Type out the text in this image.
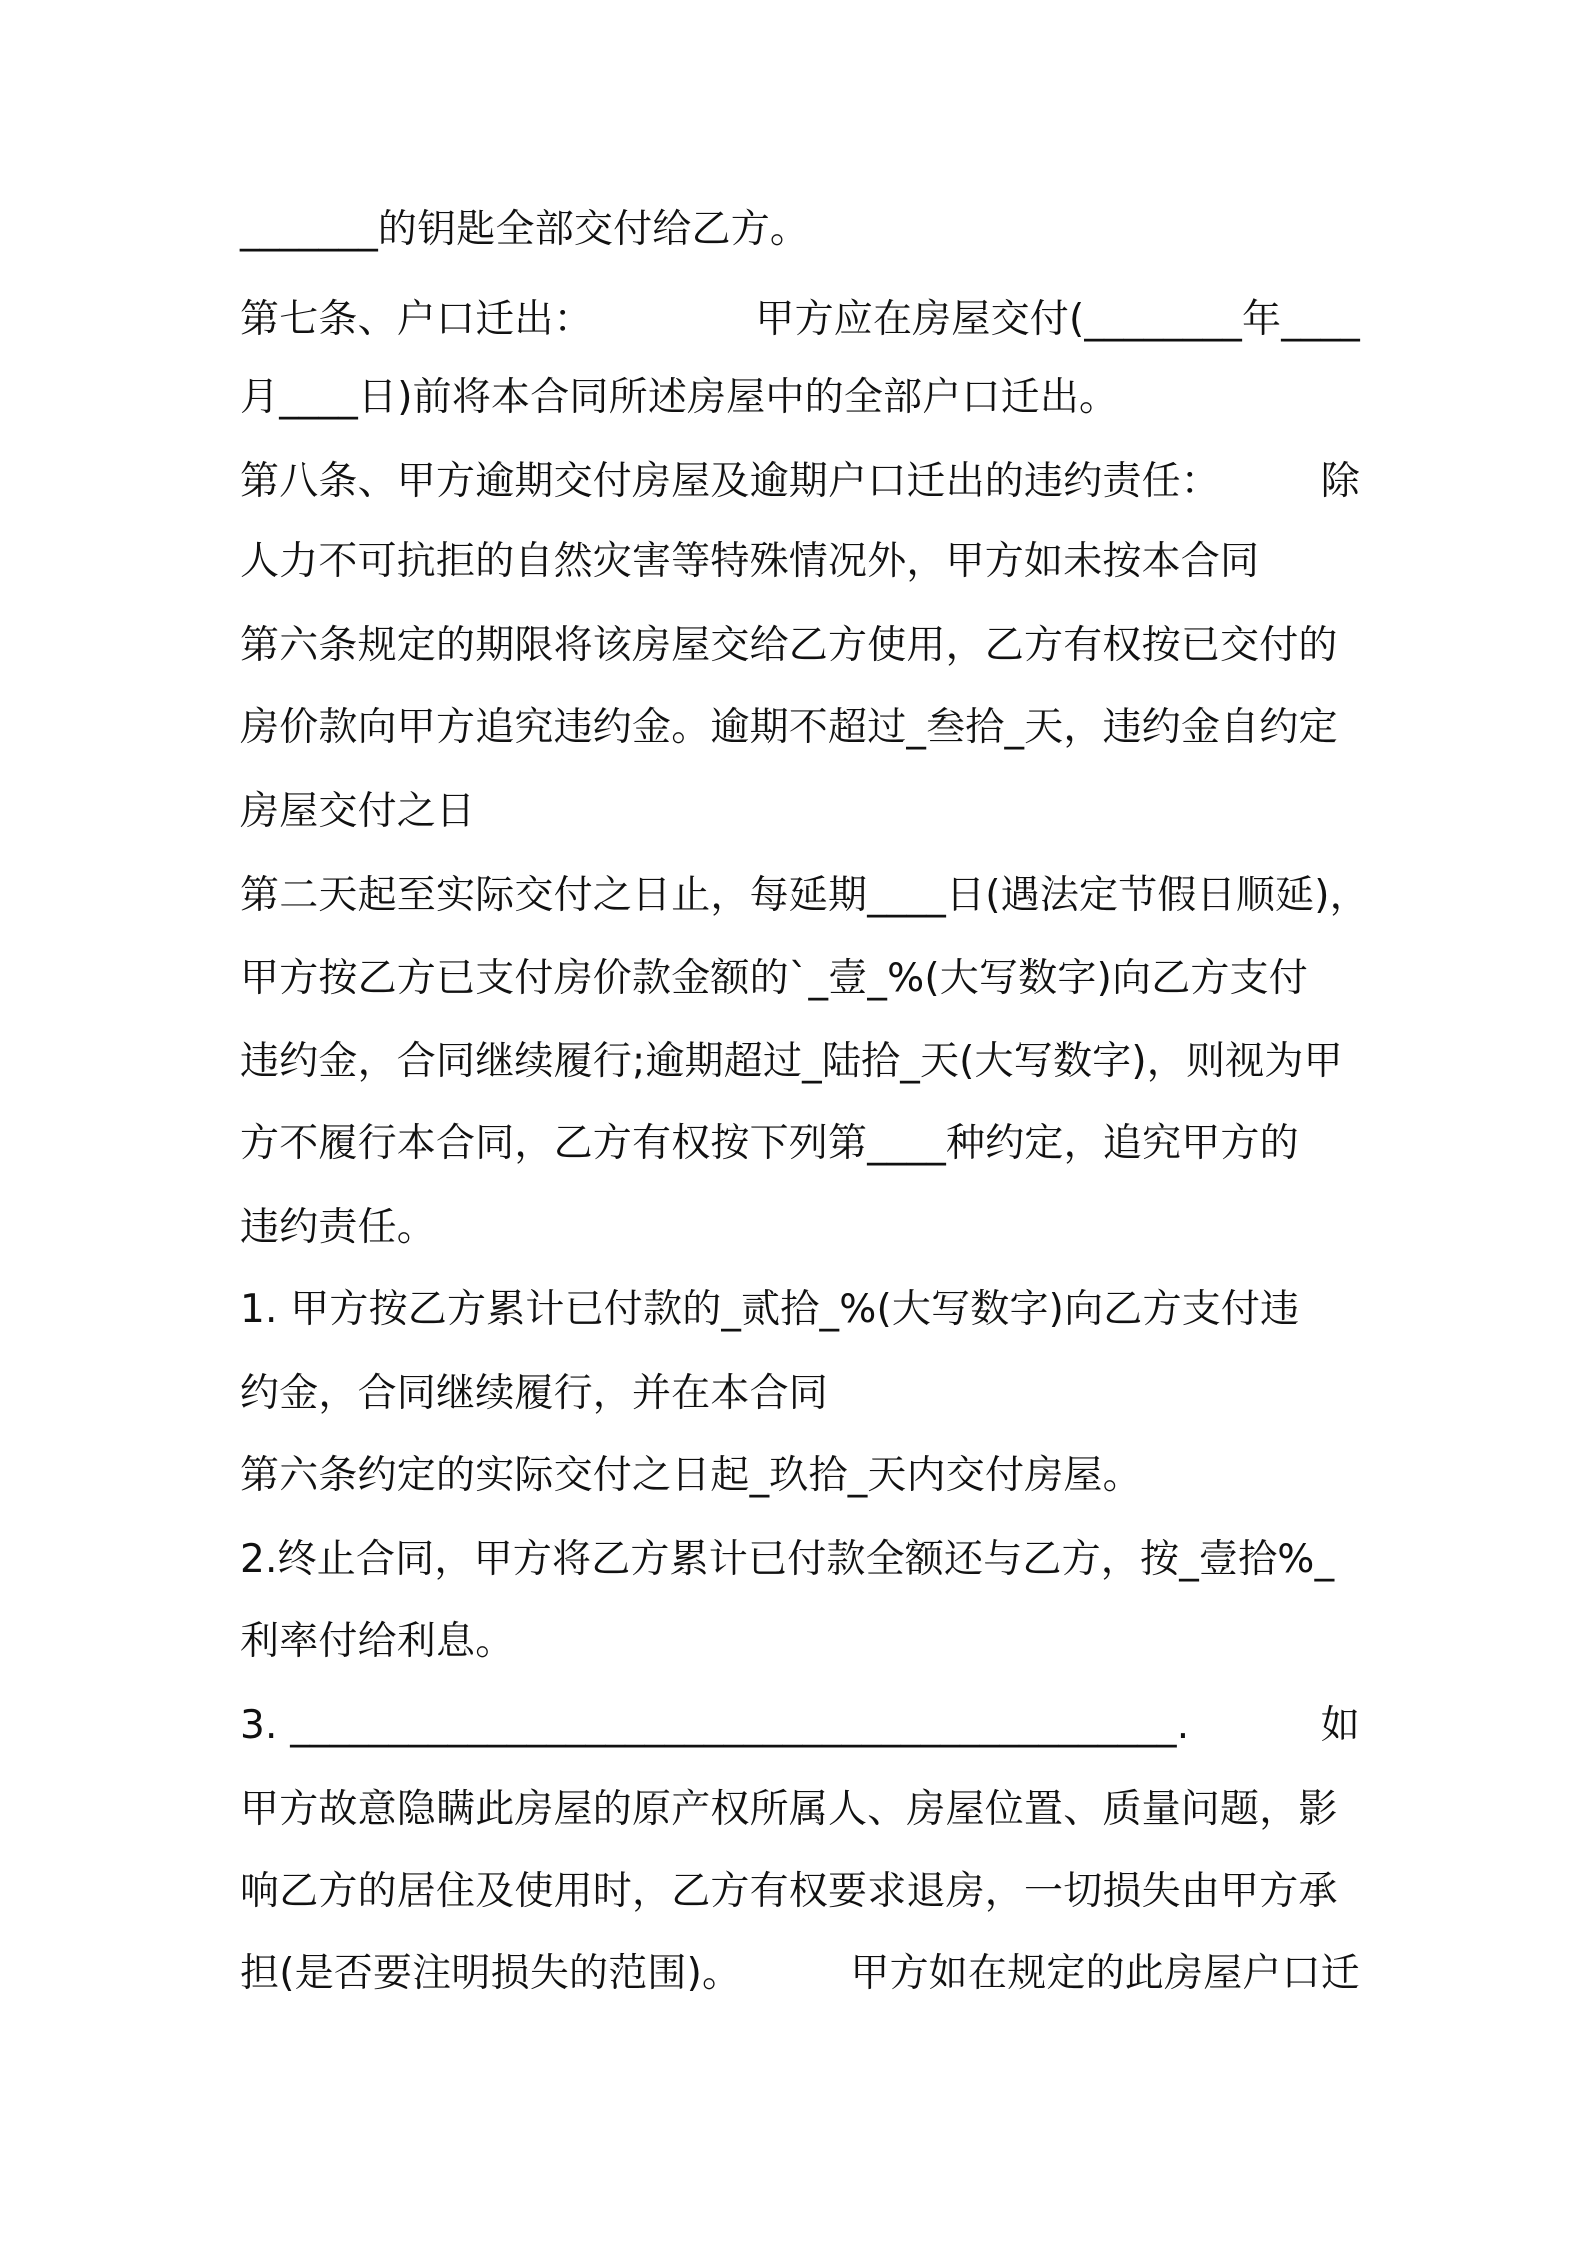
_______的钥匙全部交付给乙方。
第七条、户口迁出：	甲方应在房屋交付(________年____
月____日)前将本合同所述房屋中的全部户口迁出。
第八条、甲方逾期交付房屋及逾期户口迁出的违约责任：	除
人力不可抗拒的自然灾害等特殊情况外，甲方如未按本合同
第六条规定的期限将该房屋交给乙方使用，乙方有权按已交付的
房价款向甲方追究违约金。逾期不超过_叁拾_天，违约金自约定
房屋交付之日
第二天起至实际交付之日止，每延期____日(遇法定节假日顺延)，
甲方按乙方已支付房价款金额的`_壹_%(大写数字)向乙方支付
违约金，合同继续履行;逾期超过_陆拾_天(大写数字)，则视为甲
方不履行本合同，乙方有权按下列第____种约定，追究甲方的
违约责任。
1. 甲方按乙方累计已付款的_贰拾_%(大写数字)向乙方支付违
约金，合同继续履行，并在本合同
第六条约定的实际交付之日起_玖拾_天内交付房屋。
2.终止合同，甲方将乙方累计已付款全额还与乙方，按_壹拾%_
利率付给利息。
3. _____________________________________________.	如
甲方故意隐瞒此房屋的原产权所属人、房屋位置、质量问题，影
响乙方的居住及使用时，乙方有权要求退房，一切损失由甲方承
担(是否要注明损失的范围)。	甲方如在规定的此房屋户口迁
